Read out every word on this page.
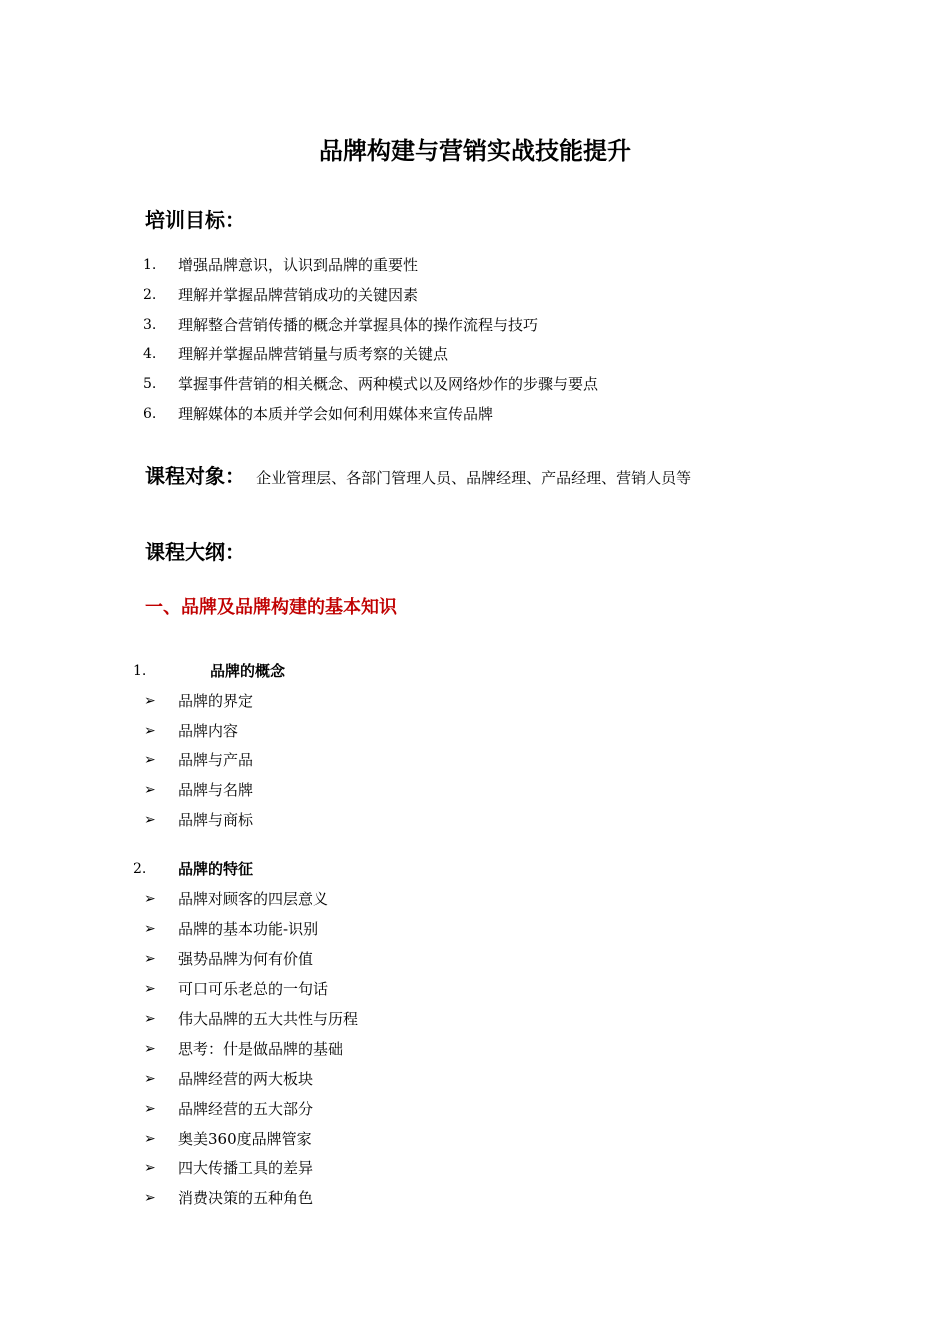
品牌构建与营销实战技能提升
培训目标：
1. 增强品牌意识，认识到品牌的重要性
2. 理解并掌握品牌营销成功的关键因素
3. 理解整合营销传播的概念并掌握具体的操作流程与技巧
4. 理解并掌握品牌营销量与质考察的关键点
5. 掌握事件营销的相关概念、两种模式以及网络炒作的步骤与要点
6. 理解媒体的本质并学会如何利用媒体来宣传品牌
课程对象： 企业管理层、各部门管理人员、品牌经理、产品经理、营销人员等
课程大纲：
一、品牌及品牌构建的基本知识
1.	品牌的概念
➢ 品牌的界定
➢ 品牌内容
➢ 品牌与产品
➢ 品牌与名牌
➢ 品牌与商标
2. 品牌的特征
➢ 品牌对顾客的四层意义
➢ 品牌的基本功能-识别
➢ 强势品牌为何有价值
➢ 可口可乐老总的一句话
➢ 伟大品牌的五大共性与历程
➢ 思考：什是做品牌的基础
➢ 品牌经营的两大板块
➢ 品牌经营的五大部分
➢ 奥美360度品牌管家
➢ 四大传播工具的差异
➢ 消费决策的五种角色
